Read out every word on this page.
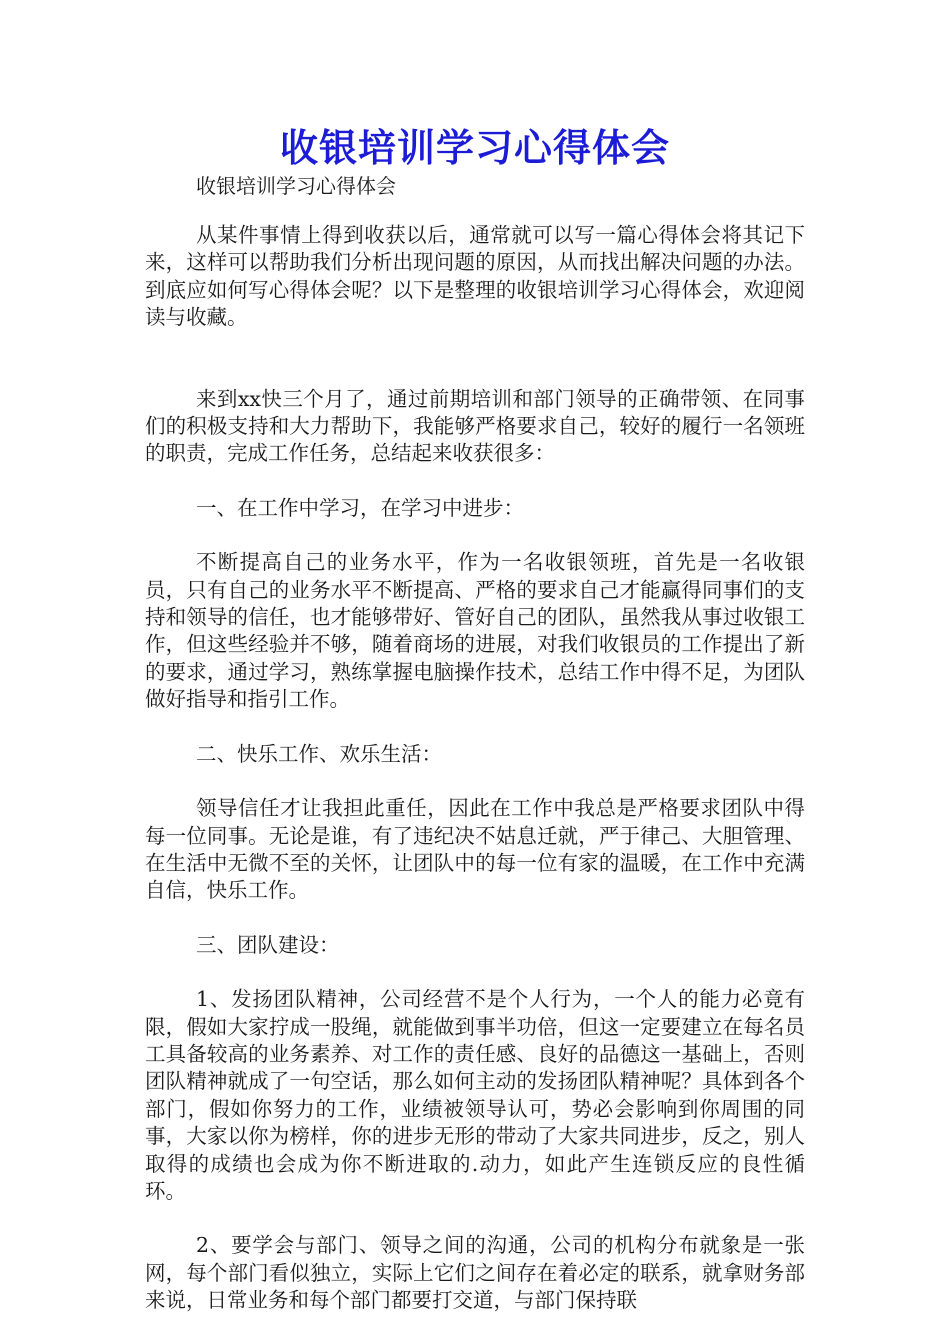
收银培训学习心得体会
收银培训学习心得体会

从某件事情上得到收获以后，通常就可以写一篇心得体会将其记下来，这样可以帮助我们分析出现问题的原因，从而找出解决问题的办法。到底应如何写心得体会呢？以下是整理的收银培训学习心得体会，欢迎阅读与收藏。

来到xx快三个月了，通过前期培训和部门领导的正确带领、在同事们的积极支持和大力帮助下，我能够严格要求自己，较好的履行一名领班的职责，完成工作任务，总结起来收获很多：

一、在工作中学习，在学习中进步：

不断提高自己的业务水平，作为一名收银领班，首先是一名收银员，只有自己的业务水平不断提高、严格的要求自己才能赢得同事们的支持和领导的信任，也才能够带好、管好自己的团队，虽然我从事过收银工作，但这些经验并不够，随着商场的进展，对我们收银员的工作提出了新的要求，通过学习，熟练掌握电脑操作技术，总结工作中得不足，为团队做好指导和指引工作。

二、快乐工作、欢乐生活：

领导信任才让我担此重任，因此在工作中我总是严格要求团队中得每一位同事。无论是谁，有了违纪决不姑息迁就，严于律己、大胆管理、在生活中无微不至的关怀，让团队中的每一位有家的温暖，在工作中充满自信，快乐工作。

三、团队建设：

1、发扬团队精神，公司经营不是个人行为，一个人的能力必竟有限，假如大家拧成一股绳，就能做到事半功倍，但这一定要建立在每名员工具备较高的业务素养、对工作的责任感、良好的品德这一基础上，否则团队精神就成了一句空话，那么如何主动的发扬团队精神呢？具体到各个部门，假如你努力的工作，业绩被领导认可，势必会影响到你周围的同事，大家以你为榜样，你的进步无形的带动了大家共同进步，反之，别人取得的成绩也会成为你不断进取的.动力，如此产生连锁反应的良性循环。

2、要学会与部门、领导之间的沟通，公司的机构分布就象是一张网，每个部门看似独立，实际上它们之间存在着必定的联系，就拿财务部来说，日常业务和每个部门都要打交道，与部门保持联
